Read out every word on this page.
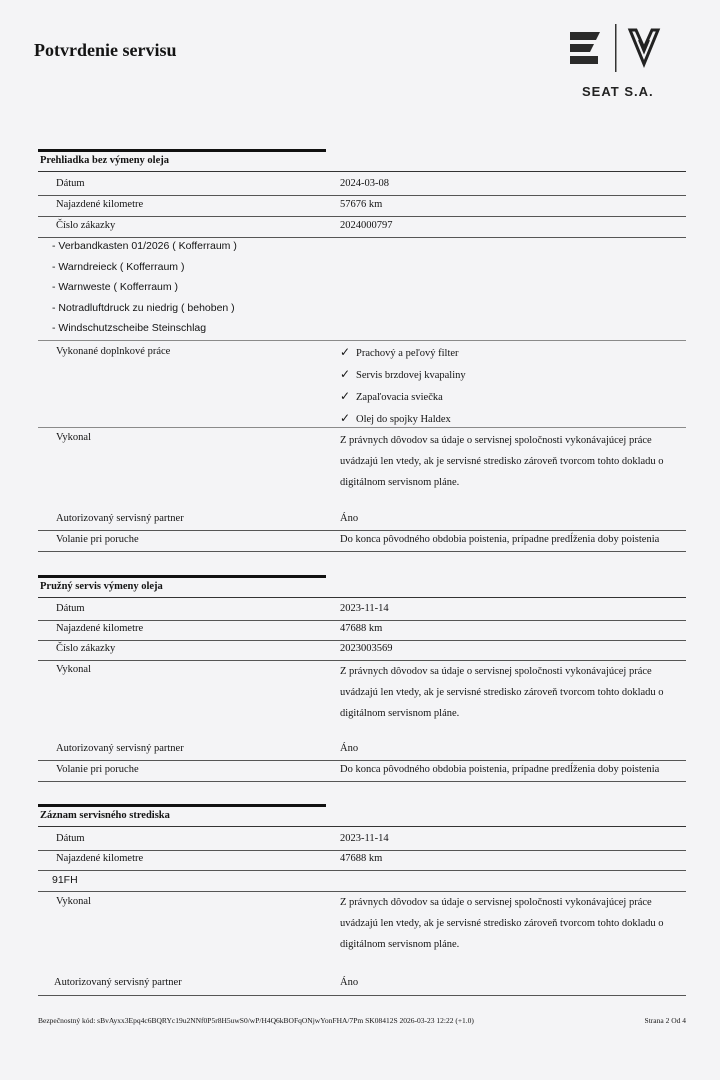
Potvrdenie servisu
SEAT S.A.
Prehliadka bez výmeny oleja
Dátum	2024-03-08
Najazdené kilometre	57676 km
Číslo zákazky	2024000797
- Verbandkasten 01/2026 ( Kofferraum )
- Warndreieck ( Kofferraum )
- Warnweste ( Kofferraum )
- Notradluftdruck zu niedrig ( behoben )
- Windschutzscheibe Steinschlag
Vykonané doplnkové práce	✓ Prachový a peľový filter
✓ Servis brzdovej kvapaliny
✓ Zapaľovacia sviečka
✓ Olej do spojky Haldex
Vykonal	Z právnych dôvodov sa údaje o servisnej spoločnosti vykonávajúcej práce
uvádzajú len vtedy, ak je servisné stredisko zároveň tvorcom tohto dokladu o
digitálnom servisnom pláne.
Autorizovaný servisný partner	Áno
Volanie pri poruche	Do konca pôvodného obdobia poistenia, prípadne predĺženia doby poistenia
Pružný servis výmeny oleja
Dátum	2023-11-14
Najazdené kilometre	47688 km
Číslo zákazky	2023003569
Vykonal	Z právnych dôvodov sa údaje o servisnej spoločnosti vykonávajúcej práce
uvádzajú len vtedy, ak je servisné stredisko zároveň tvorcom tohto dokladu o
digitálnom servisnom pláne.
Autorizovaný servisný partner	Áno
Volanie pri poruche	Do konca pôvodného obdobia poistenia, prípadne predĺženia doby poistenia
Záznam servisného strediska
Dátum	2023-11-14
Najazdené kilometre	47688 km
91FH
Vykonal	Z právnych dôvodov sa údaje o servisnej spoločnosti vykonávajúcej práce
uvádzajú len vtedy, ak je servisné stredisko zároveň tvorcom tohto dokladu o
digitálnom servisnom pláne.
Autorizovaný servisný partner	Áno
Bezpečnostný kód: sBvAyxx3Epq4c6BQRYc19u2NNf0P5r8H5uwS0/wP/H4Q6kBOFqONjwYonFHA/7Pm SK08412S 2026-03-23 12:22 (+1.0)	Strana 2 Od 4
